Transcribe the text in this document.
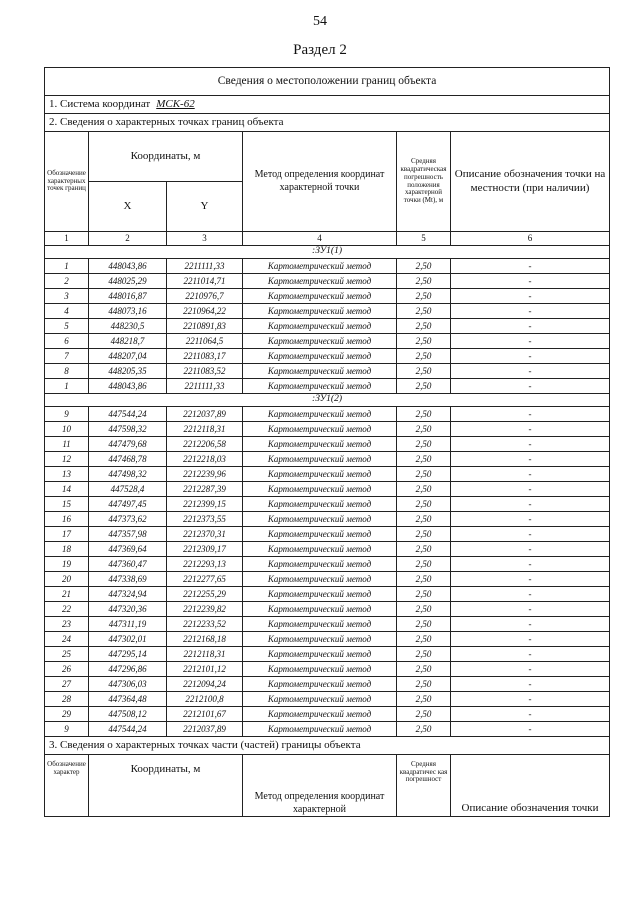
54
Раздел 2
Сведения о местоположении границ объекта					
1. Система координат МСК-62					
2. Сведения о характерных точках границ объекта					
Обозначение характерных точек границ	Координаты, м		Метод определения координат характерной точки	Средняя квадратическая погрешность положения характерной точки (Mt), м	Описание обозначения точки на местности (при наличии)
	X	Y			
1	2	3	4	5	6
:ЗУ1(1)					
1	448043,86	2211111,33	Картометрический метод	2,50	-
2	448025,29	2211014,71	Картометрический метод	2,50	-
3	448016,87	2210976,7	Картометрический метод	2,50	-
4	448073,16	2210964,22	Картометрический метод	2,50	-
5	448230,5	2210891,83	Картометрический метод	2,50	-
6	448218,7	2211064,5	Картометрический метод	2,50	-
7	448207,04	2211083,17	Картометрический метод	2,50	-
8	448205,35	2211083,52	Картометрический метод	2,50	-
1	448043,86	2211111,33	Картометрический метод	2,50	-
:ЗУ1(2)					
9	447544,24	2212037,89	Картометрический метод	2,50	-
10	447598,32	2212118,31	Картометрический метод	2,50	-
11	447479,68	2212206,58	Картометрический метод	2,50	-
12	447468,78	2212218,03	Картометрический метод	2,50	-
13	447498,32	2212239,96	Картометрический метод	2,50	-
14	447528,4	2212287,39	Картометрический метод	2,50	-
15	447497,45	2212399,15	Картометрический метод	2,50	-
16	447373,62	2212373,55	Картометрический метод	2,50	-
17	447357,98	2212370,31	Картометрический метод	2,50	-
18	447369,64	2212309,17	Картометрический метод	2,50	-
19	447360,47	2212293,13	Картометрический метод	2,50	-
20	447338,69	2212277,65	Картометрический метод	2,50	-
21	447324,94	2212255,29	Картометрический метод	2,50	-
22	447320,36	2212239,82	Картометрический метод	2,50	-
23	447311,19	2212233,52	Картометрический метод	2,50	-
24	447302,01	2212168,18	Картометрический метод	2,50	-
25	447295,14	2212118,31	Картометрический метод	2,50	-
26	447296,86	2212101,12	Картометрический метод	2,50	-
27	447306,03	2212094,24	Картометрический метод	2,50	-
28	447364,48	2212100,8	Картометрический метод	2,50	-
29	447508,12	2212101,67	Картометрический метод	2,50	-
9	447544,24	2212037,89	Картометрический метод	2,50	-
3. Сведения о характерных точках части (частей) границы объекта					
Обозначение характер	Координаты, м		Метод определения координат характерной	Средняя квадратичес кая погрешност	Описание обозначения точки
